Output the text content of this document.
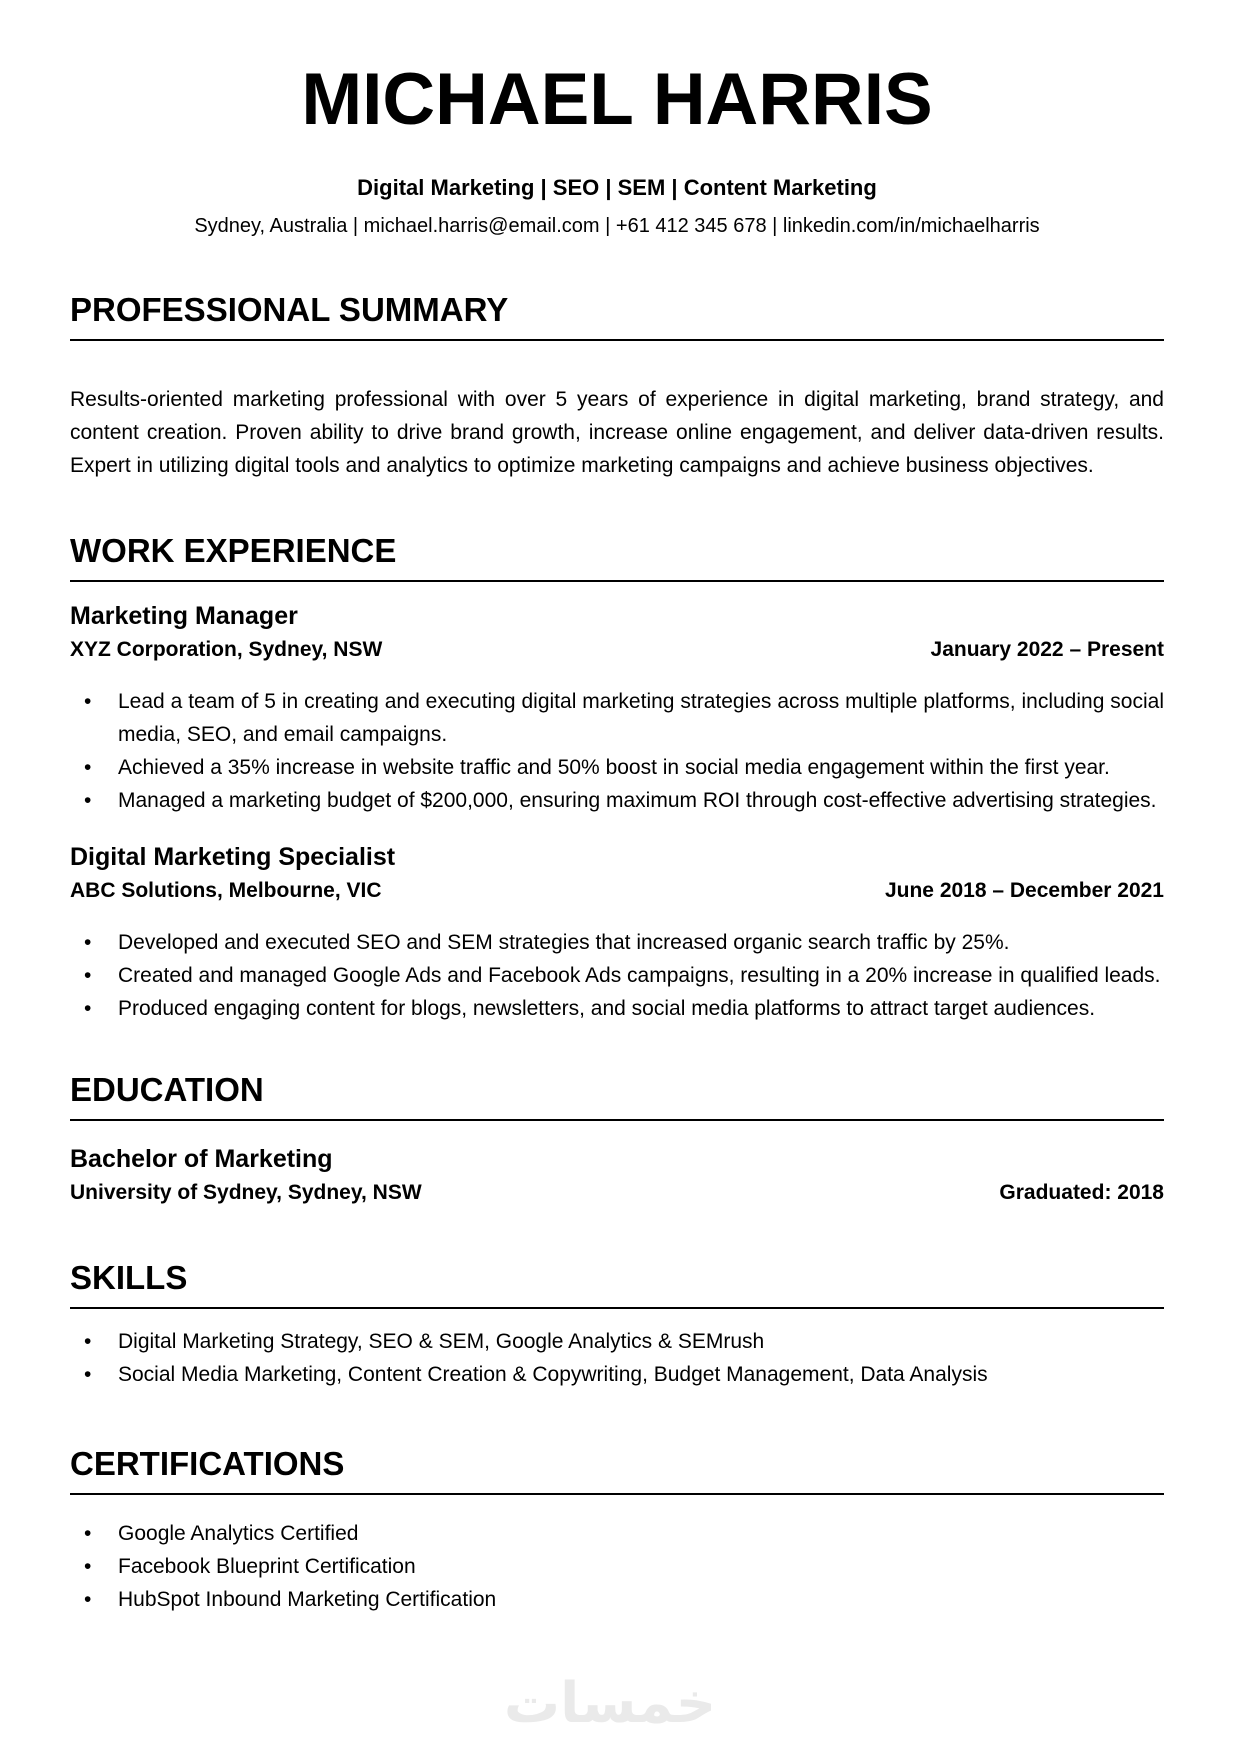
MICHAEL HARRIS
Digital Marketing | SEO | SEM | Content Marketing
Sydney, Australia | michael.harris@email.com | +61 412 345 678 | linkedin.com/in/michaelharris
PROFESSIONAL SUMMARY

Results-oriented marketing professional with over 5 years of experience in digital marketing, brand strategy, and content creation. Proven ability to drive brand growth, increase online engagement, and deliver data-driven results. Expert in utilizing digital tools and analytics to optimize marketing campaigns and achieve business objectives.

WORK EXPERIENCE
Marketing Manager
XYZ Corporation, Sydney, NSW	January 2022 – Present
• Lead a team of 5 in creating and executing digital marketing strategies across multiple platforms, including social media, SEO, and email campaigns.
• Achieved a 35% increase in website traffic and 50% boost in social media engagement within the first year.
• Managed a marketing budget of $200,000, ensuring maximum ROI through cost-effective advertising strategies.
Digital Marketing Specialist
ABC Solutions, Melbourne, VIC	June 2018 – December 2021
• Developed and executed SEO and SEM strategies that increased organic search traffic by 25%.
• Created and managed Google Ads and Facebook Ads campaigns, resulting in a 20% increase in qualified leads.
• Produced engaging content for blogs, newsletters, and social media platforms to attract target audiences.
EDUCATION
Bachelor of Marketing
University of Sydney, Sydney, NSW	Graduated: 2018
SKILLS
• Digital Marketing Strategy, SEO & SEM, Google Analytics & SEMrush
• Social Media Marketing, Content Creation & Copywriting, Budget Management, Data Analysis
CERTIFICATIONS
• Google Analytics Certified
• Facebook Blueprint Certification
• HubSpot Inbound Marketing Certification
خمسات
